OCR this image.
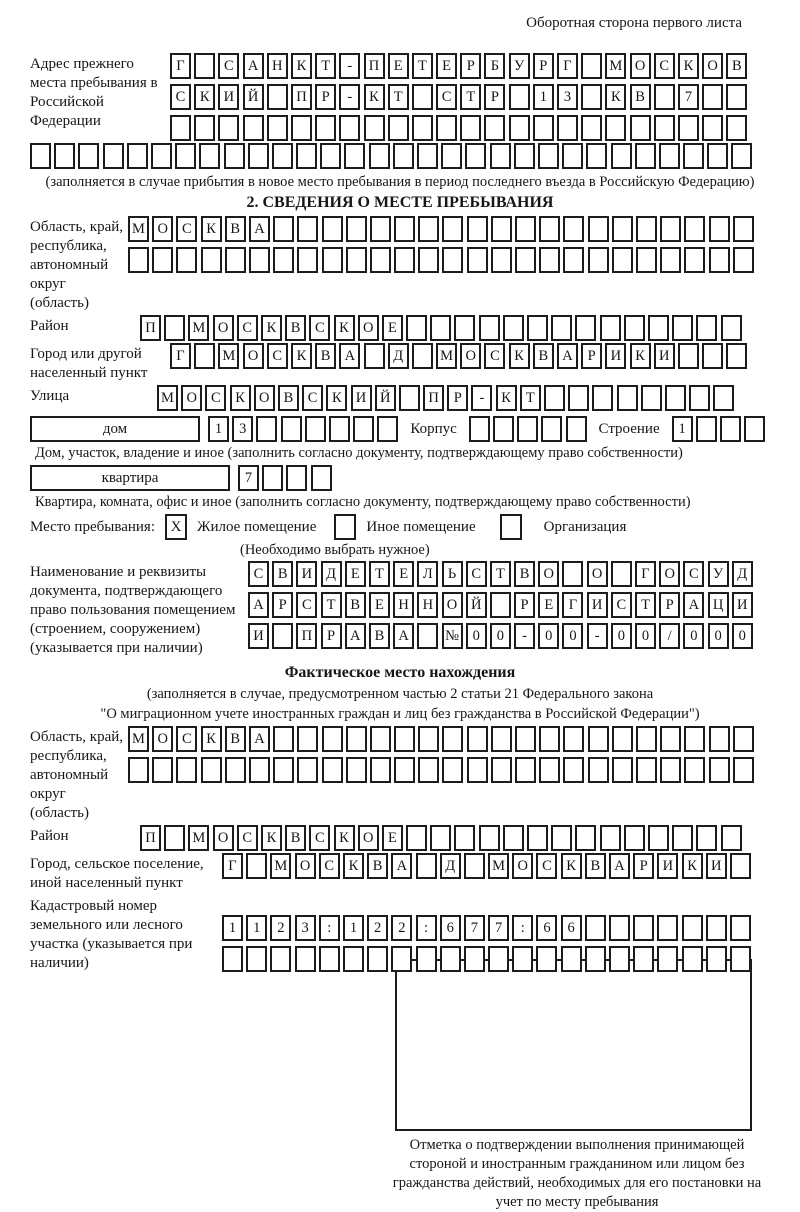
Оборотная сторона первого листа
Адрес прежнего места пребывания в Российской Федерации
Г	С А Н К	Т	-	П	Е	Т	Е	Р	Б	У	Р	Г	М О С	К О В
С	К И Й	П	Р	-	К	Т	С	Т	Р	1	3	К	В	7
(заполняется в случае прибытия в новое место пребывания в период последнего въезда в Российскую Федерацию)
2. СВЕДЕНИЯ О МЕСТЕ ПРЕБЫВАНИЯ
Область, край, республика, автономный округ (область)
М О С	К	В А
Район	П	М О С	К	В	С	К О	Е
Город или другой населенный пункт
Г	М О С	К	В А	Д	М О С	К	В А	Р	И К И
Улица	М О С	К О В	С	К И Й	П	Р	-	К	Т
дом	1	3	Корпус	Строение	1
Дом, участок, владение и иное (заполнить согласно документу, подтверждающему право собственности)
квартира	7
Квартира, комната, офис и иное (заполнить согласно документу, подтверждающему право собственности)
Место пребывания:	X	Жилое помещение	Иное помещение	Организация
(Необходимо выбрать нужное)
Наименование и реквизиты документа, подтверждающего право пользования помещением (строением, сооружением) (указывается при наличии)
С	В И Д	Е	Т	Е	Л	Ь	С	Т	В О	О	Г	О С У Д
А	Р	С	Т	В	Е	Н Н О Й	Р	Е	Г	И С	Т	Р	А Ц И
И	П	Р	А В А	№ 0	0	-	0	0	-	0	0	/	0	0	0
Фактическое место нахождения
(заполняется в случае, предусмотренном частью 2 статьи 21 Федерального закона
"О миграционном учете иностранных граждан и лиц без гражданства в Российской Федерации")
Область, край, республика, автономный округ (область)
М О С	К	В А
Район	П	М О С	К	В	С	К О	Е
Город, сельское поселение, иной населенный пункт
Г	М О С	К	В А	Д	М О С	К	В А	Р	И К И
Кадастровый номер земельного или лесного участка (указывается при наличии)
1	1	2	3	:	1	2	2	:	6	7	7	:	6	6
Отметка о подтверждении выполнения принимающей стороной и иностранным гражданином или лицом без гражданства действий, необходимых для его постановки на учет по месту пребывания
